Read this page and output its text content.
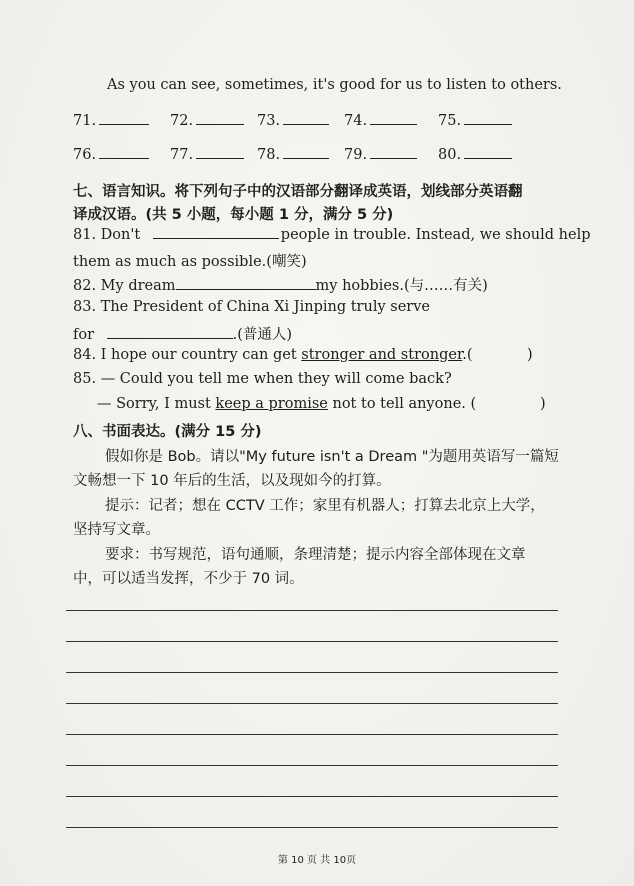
As you can see, sometimes, it's good for us to listen to others.
71.	72.	73.	74.	75.
76.	77.	78.	79.	80.
七、语言知识。将下列句子中的汉语部分翻译成英语，划线部分英语翻
译成汉语。(共 5 小题，每小题 1 分，满分 5 分)
81. Don't	people in trouble. Instead, we should help
them as much as possible.(嘲笑)
82. My dream	my hobbies.(与……有关)
83. The President of China Xi Jinping truly serve
for	.(普通人)
84. I hope our country can get stronger and stronger.(	)
85. — Could you tell me when they will come back?
— Sorry, I must keep a promise not to tell anyone. (	)
八、书面表达。(满分 15 分)
假如你是 Bob。请以"My future isn't a Dream "为题用英语写一篇短
文畅想一下 10 年后的生活，以及现如今的打算。
提示：记者；想在 CCTV 工作；家里有机器人；打算去北京上大学，
坚持写文章。
要求：书写规范，语句通顺，条理清楚；提示内容全部体现在文章
中，可以适当发挥，不少于 70 词。
第 10 页 共 10页
